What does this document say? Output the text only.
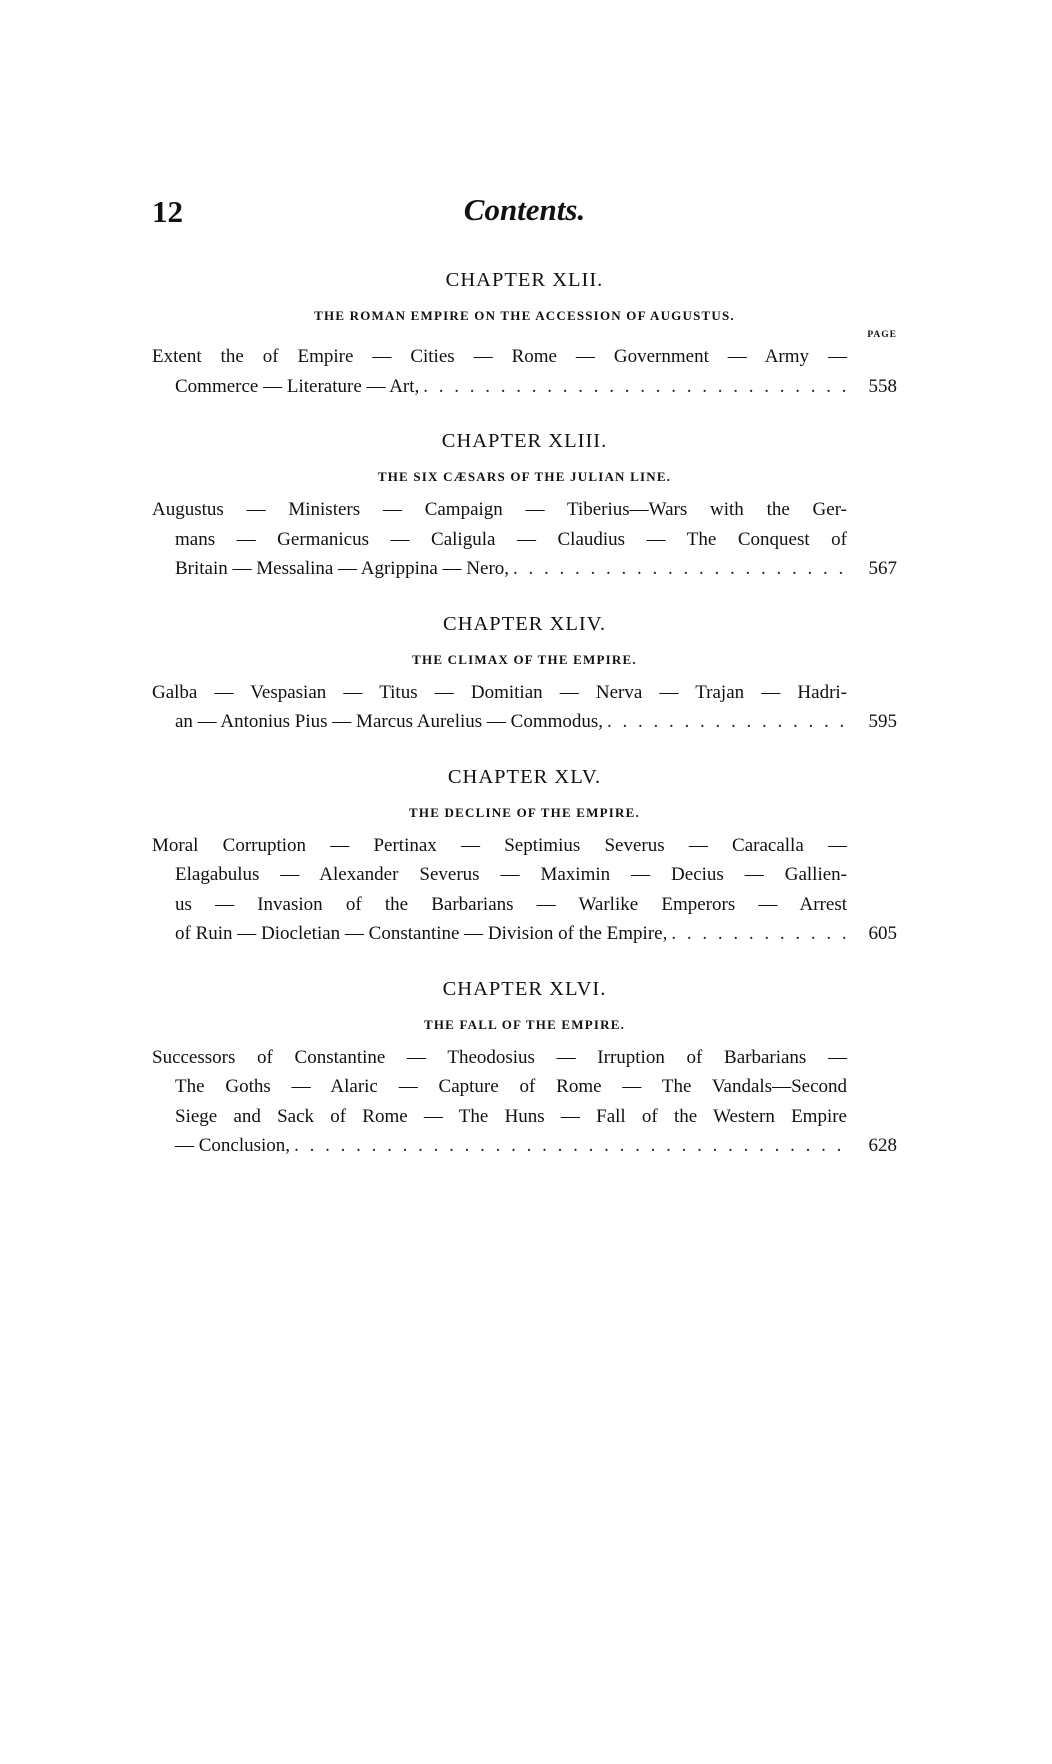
12	Contents.
CHAPTER XLII.
THE ROMAN EMPIRE ON THE ACCESSION OF AUGUSTUS.
PAGE
Extent the of Empire — Cities — Rome — Government — Army —
Commerce — Literature — Art, . . .	558
CHAPTER XLIII.
THE SIX CÆSARS OF THE JULIAN LINE.
Augustus — Ministers — Campaign — Tiberius—Wars with the Ger-
mans — Germanicus — Caligula — Claudius — The Conquest of
Britain — Messalina — Agrippina — Nero, . . .	567
CHAPTER XLIV.
THE CLIMAX OF THE EMPIRE.
Galba — Vespasian — Titus — Domitian — Nerva — Trajan — Hadri-
an — Antonius Pius — Marcus Aurelius — Commodus, . . .	595
CHAPTER XLV.
THE DECLINE OF THE EMPIRE.
Moral Corruption — Pertinax — Septimius Severus — Caracalla —
Elagabulus — Alexander Severus — Maximin — Decius — Gallien-
us — Invasion of the Barbarians — Warlike Emperors — Arrest
of Ruin — Diocletian — Constantine — Division of the Empire, . . .	605
CHAPTER XLVI.
THE FALL OF THE EMPIRE.
Successors of Constantine — Theodosius — Irruption of Barbarians —
The Goths — Alaric — Capture of Rome — The Vandals—Second
Siege and Sack of Rome — The Huns — Fall of the Western Empire
— Conclusion, . . .	628
